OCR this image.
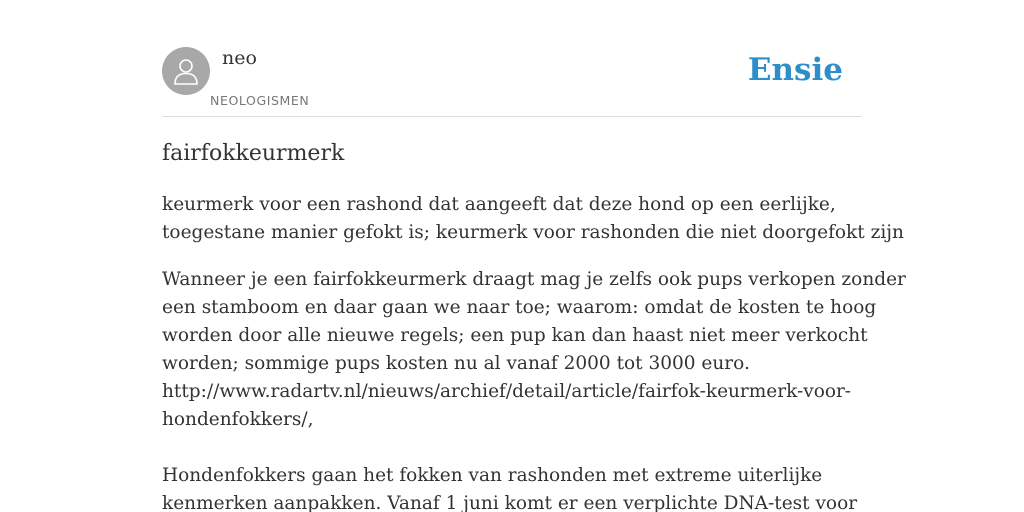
neo
NEOLOGISMEN
Ensie
fairfokkeurmerk

keurmerk voor een rashond dat aangeeft dat deze hond op een eerlijke,
toegestane manier gefokt is; keurmerk voor rashonden die niet doorgefokt zijn

Wanneer je een fairfokkeurmerk draagt mag je zelfs ook pups verkopen zonder
een stamboom en daar gaan we naar toe; waarom: omdat de kosten te hoog
worden door alle nieuwe regels; een pup kan dan haast niet meer verkocht
worden; sommige pups kosten nu al vanaf 2000 tot 3000 euro.
http://www.radartv.nl/nieuws/archief/detail/article/fairfok-keurmerk-voor-
hondenfokkers/,
Hondenfokkers gaan het fokken van rashonden met extreme uiterlijke
kenmerken aanpakken. Vanaf 1 juni komt er een verplichte DNA-test voor
